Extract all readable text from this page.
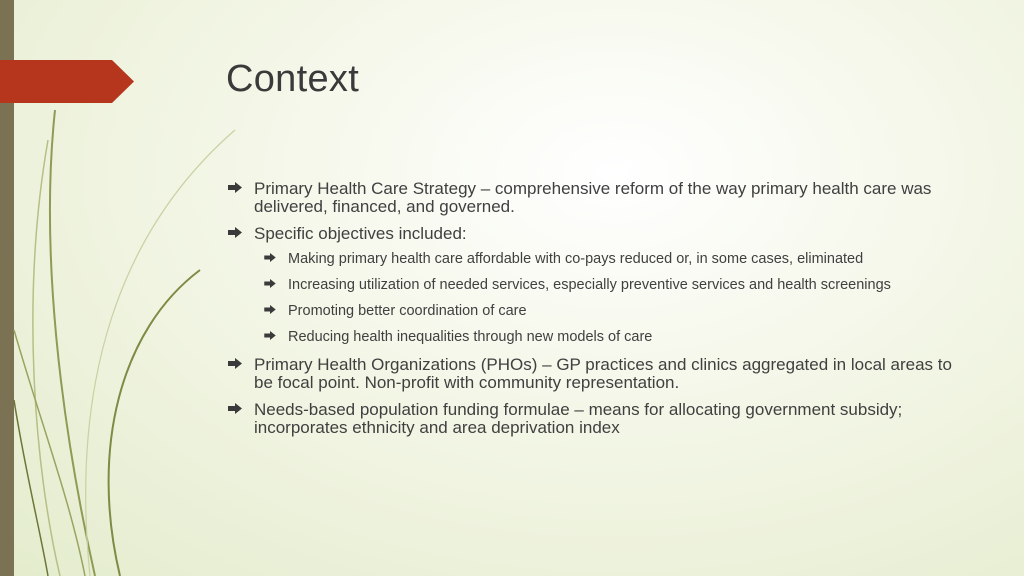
Context
Primary Health Care Strategy – comprehensive reform of the way primary health care was delivered, financed, and governed.
Specific objectives included:
Making primary health care affordable with co-pays reduced or, in some cases, eliminated
Increasing utilization of needed services, especially preventive services and health screenings
Promoting better coordination of care
Reducing health inequalities through new models of care
Primary Health Organizations (PHOs) – GP practices and clinics aggregated in local areas to be focal point. Non-profit with community representation.
Needs-based population funding formulae – means for allocating government subsidy; incorporates ethnicity and area deprivation index
